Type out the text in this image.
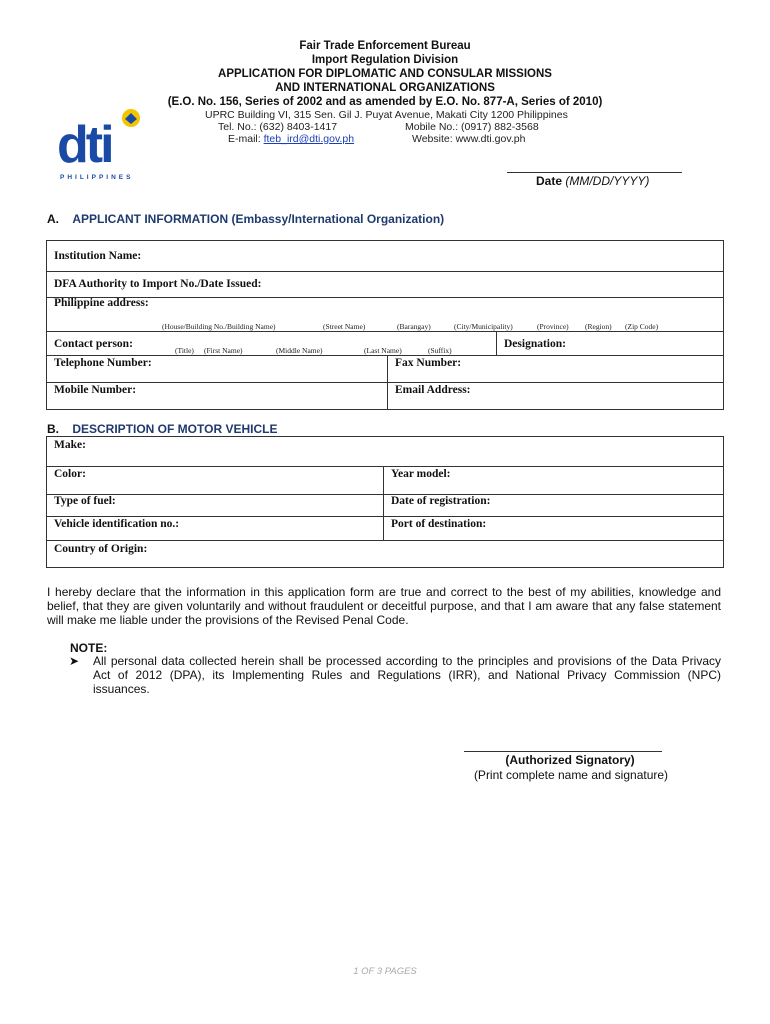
dti
PHILIPPINES
Fair Trade Enforcement Bureau
Import Regulation Division
APPLICATION FOR DIPLOMATIC AND CONSULAR MISSIONS
AND INTERNATIONAL ORGANIZATIONS
(E.O. No. 156, Series of 2002 and as amended by E.O. No. 877-A, Series of 2010)
UPRC Building VI, 315 Sen. Gil J. Puyat Avenue, Makati City 1200 Philippines
Tel. No.: (632) 8403-1417	Mobile No.: (0917) 882-3568
E-mail: fteb_ird@dti.gov.ph	Website: www.dti.gov.ph
Date (MM/DD/YYYY)
A. APPLICANT INFORMATION (Embassy/International Organization)
Institution Name:
DFA Authority to Import No./Date Issued:
Philippine address:
(House/Building No./Building Name)	(Street Name)	(Barangay)	(City/Municipality)	(Province) (Region) (Zip Code)
Contact person:
(Title) (First Name)	(Middle Name)	(Last Name)	(Suffix)
Designation:
Telephone Number:	Fax Number:
Mobile Number:	Email Address:
B. DESCRIPTION OF MOTOR VEHICLE
Make:
Color:	Year model:
Type of fuel:	Date of registration:
Vehicle identification no.:	Port of destination:
Country of Origin:
I hereby declare that the information in this application form are true and correct to the best of my abilities, knowledge and belief, that they are given voluntarily and without fraudulent or deceitful purpose, and that I am aware that any false statement will make me liable under the provisions of the Revised Penal Code.
NOTE:
➤ All personal data collected herein shall be processed according to the principles and provisions of the Data Privacy Act of 2012 (DPA), its Implementing Rules and Regulations (IRR), and National Privacy Commission (NPC) issuances.
(Authorized Signatory)
(Print complete name and signature)
1 OF 3 PAGES
